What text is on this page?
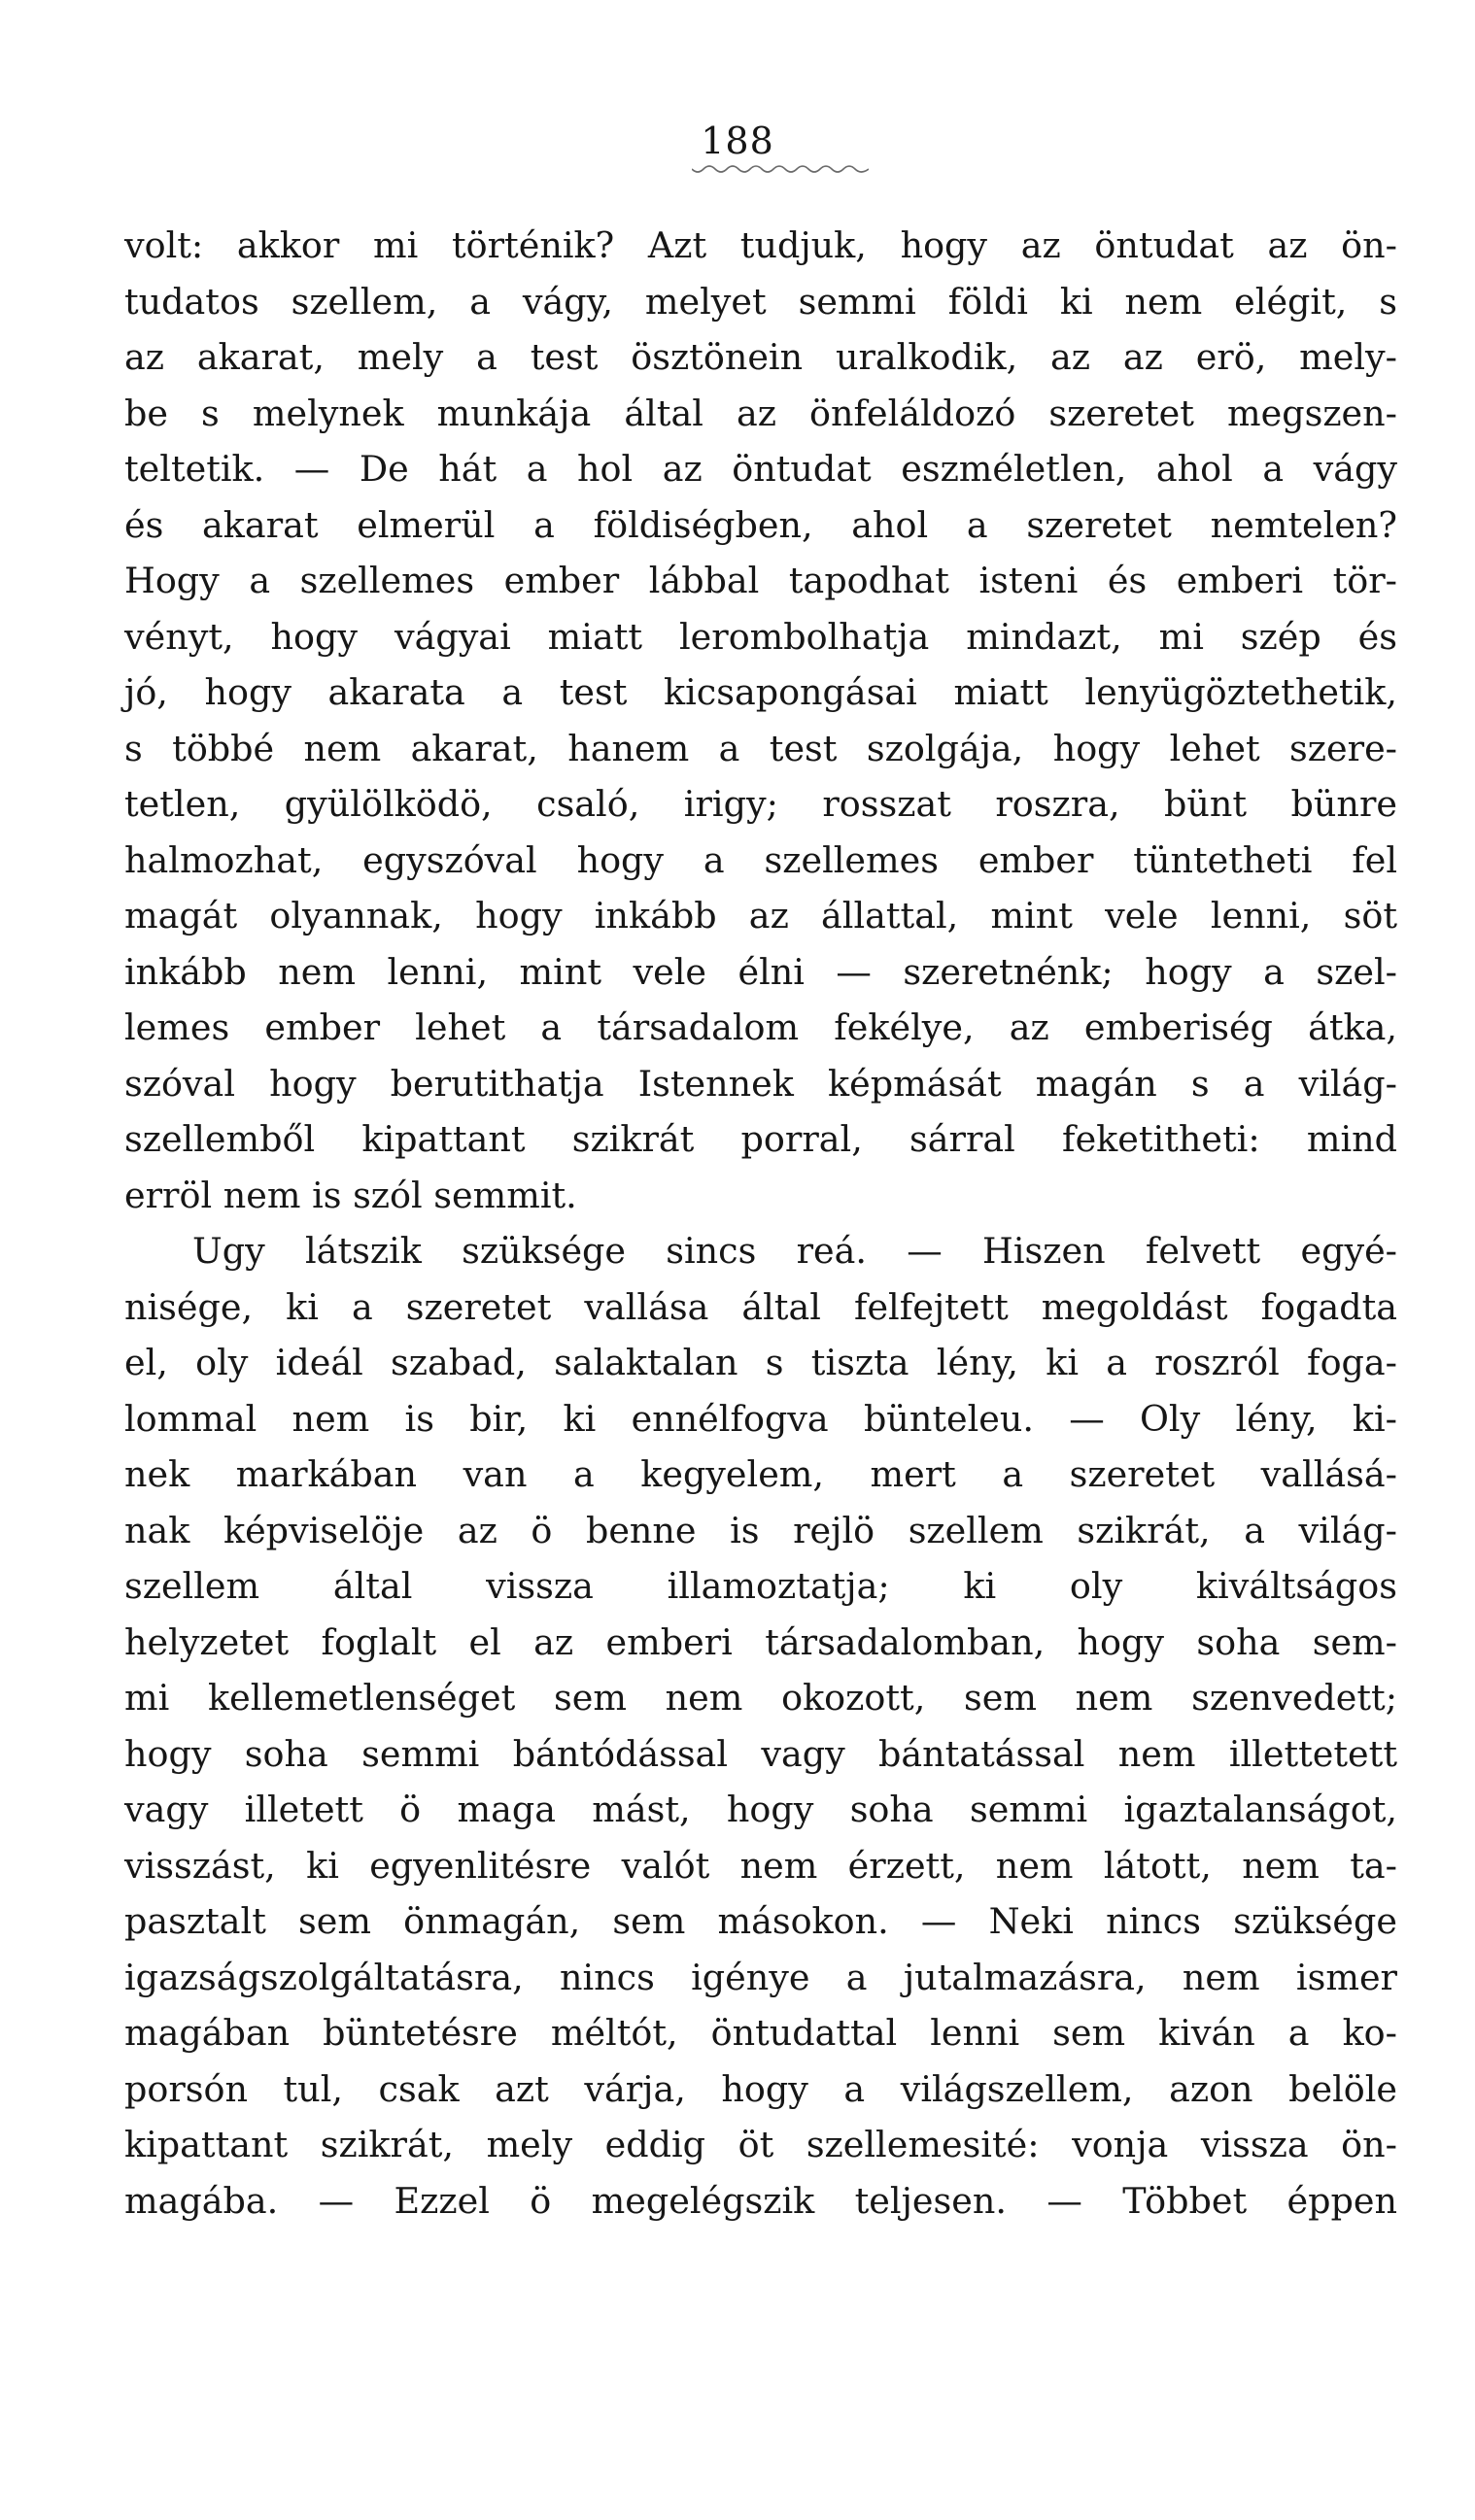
188
volt: akkor mi történik? Azt tudjuk, hogy az öntudat az ön-
tudatos szellem, a vágy, melyet semmi földi ki nem elégit, s
az akarat, mely a test ösztönein uralkodik, az az erö, mely-
be s melynek munkája által az önfeláldozó szeretet megszen-
teltetik. — De hát a hol az öntudat eszméletlen, ahol a vágy
és akarat elmerül a földiségben, ahol a szeretet nemtelen?
Hogy a szellemes ember lábbal tapodhat isteni és emberi tör-
vényt, hogy vágyai miatt lerombolhatja mindazt, mi szép és
jó, hogy akarata a test kicsapongásai miatt lenyügöztethetik,
s többé nem akarat, hanem a test szolgája, hogy lehet szere-
tetlen, gyülölködö, csaló, irigy; rosszat roszra, bünt bünre
halmozhat, egyszóval hogy a szellemes ember tüntetheti fel
magát olyannak, hogy inkább az állattal, mint vele lenni, söt
inkább nem lenni, mint vele élni — szeretnénk; hogy a szel-
lemes ember lehet a társadalom fekélye, az emberiség átka,
szóval hogy berutithatja Istennek képmását magán s a világ-
szellemből kipattant szikrát porral, sárral feketitheti: mind
erröl nem is szól semmit.
Ugy látszik szüksége sincs reá. — Hiszen felvett egyé-
nisége, ki a szeretet vallása által felfejtett megoldást fogadta
el, oly ideál szabad, salaktalan s tiszta lény, ki a roszról foga-
lommal nem is bir, ki ennélfogva bünteleu. — Oly lény, ki-
nek markában van a kegyelem, mert a szeretet vallásá-
nak képviselöje az ö benne is rejlö szellem szikrát, a világ-
szellem által vissza illamoztatja; ki oly kiváltságos
helyzetet foglalt el az emberi társadalomban, hogy soha sem-
mi kellemetlenséget sem nem okozott, sem nem szenvedett;
hogy soha semmi bántódással vagy bántatással nem illettetett
vagy illetett ö maga mást, hogy soha semmi igaztalanságot,
visszást, ki egyenlitésre valót nem érzett, nem látott, nem ta-
pasztalt sem önmagán, sem másokon. — Neki nincs szüksége
igazságszolgáltatásra, nincs igénye a jutalmazásra, nem ismer
magában büntetésre méltót, öntudattal lenni sem kiván a ko-
porsón tul, csak azt várja, hogy a világszellem, azon belöle
kipattant szikrát, mely eddig öt szellemesité: vonja vissza ön-
magába. — Ezzel ö megelégszik teljesen. — Többet éppen
